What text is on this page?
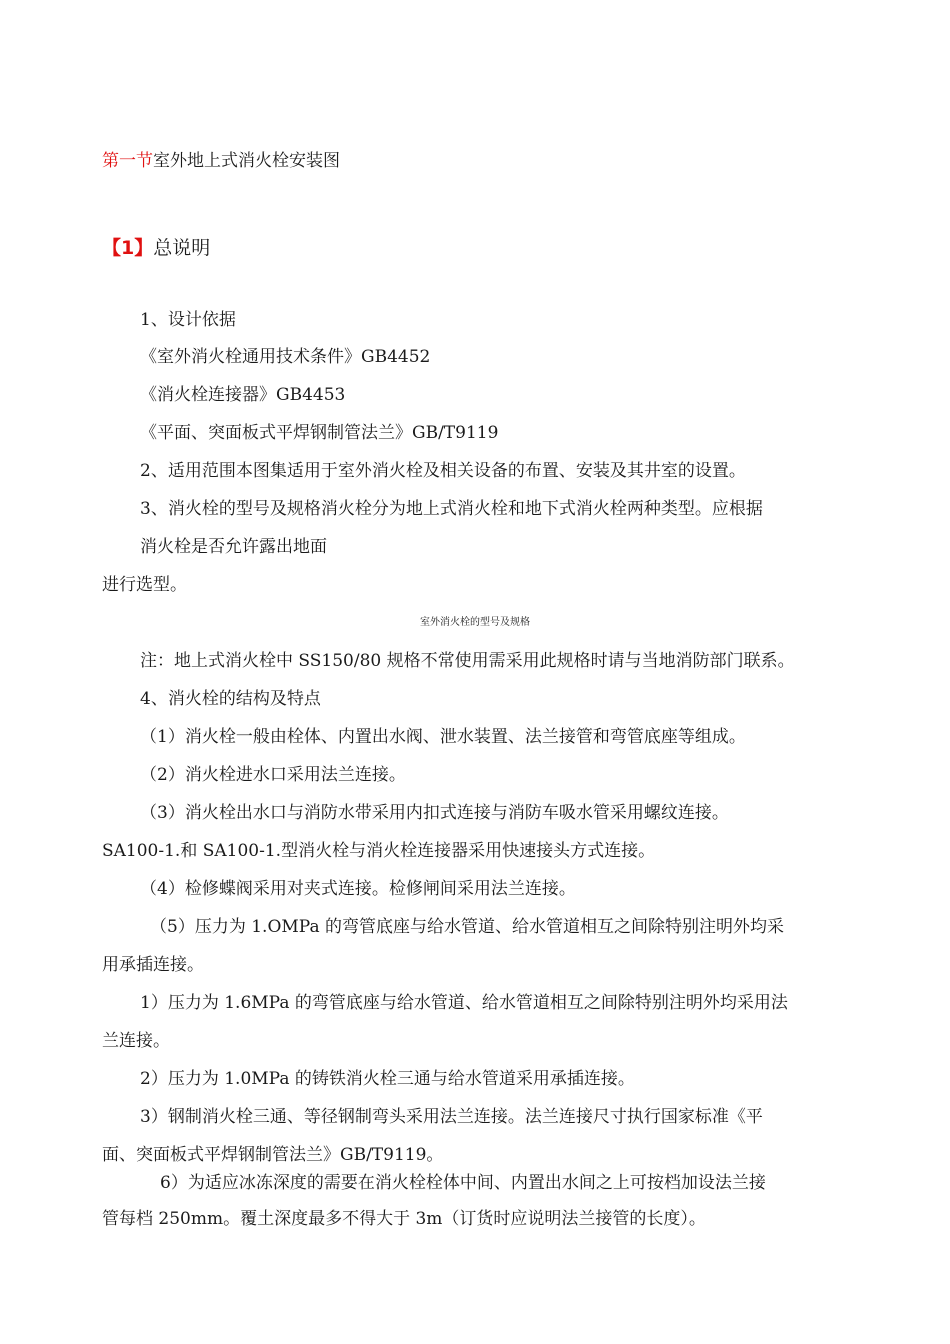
第一节室外地上式消火栓安装图
【1】总说明
1、设计依据
《室外消火栓通用技术条件》GB4452
《消火栓连接器》GB4453
《平面、突面板式平焊钢制管法兰》GB/T9119
2、适用范围本图集适用于室外消火栓及相关设备的布置、安装及其井室的设置。
3、消火栓的型号及规格消火栓分为地上式消火栓和地下式消火栓两种类型。应根据
消火栓是否允许露出地面
进行选型。
室外消火栓的型号及规格
注：地上式消火栓中 SS150/80 规格不常使用需采用此规格时请与当地消防部门联系。
4、消火栓的结构及特点
（1）消火栓一般由栓体、内置出水阀、泄水装置、法兰接管和弯管底座等组成。
（2）消火栓进水口采用法兰连接。
（3）消火栓出水口与消防水带采用内扣式连接与消防车吸水管采用螺纹连接。
SA100-1.和 SA100-1.型消火栓与消火栓连接器采用快速接头方式连接。
（4）检修蝶阀采用对夹式连接。检修闸间采用法兰连接。
（5）压力为 1.OMPa 的弯管底座与给水管道、给水管道相互之间除特别注明外均采
用承插连接。
1）压力为 1.6MPa 的弯管底座与给水管道、给水管道相互之间除特别注明外均采用法
兰连接。
2）压力为 1.0MPa 的铸铁消火栓三通与给水管道采用承插连接。
3）钢制消火栓三通、等径钢制弯头采用法兰连接。法兰连接尺寸执行国家标准《平
面、突面板式平焊钢制管法兰》GB/T9119。
6）为适应冰冻深度的需要在消火栓栓体中间、内置出水间之上可按档加设法兰接
管每档 250mm。覆土深度最多不得大于 3m（订货时应说明法兰接管的长度）。
